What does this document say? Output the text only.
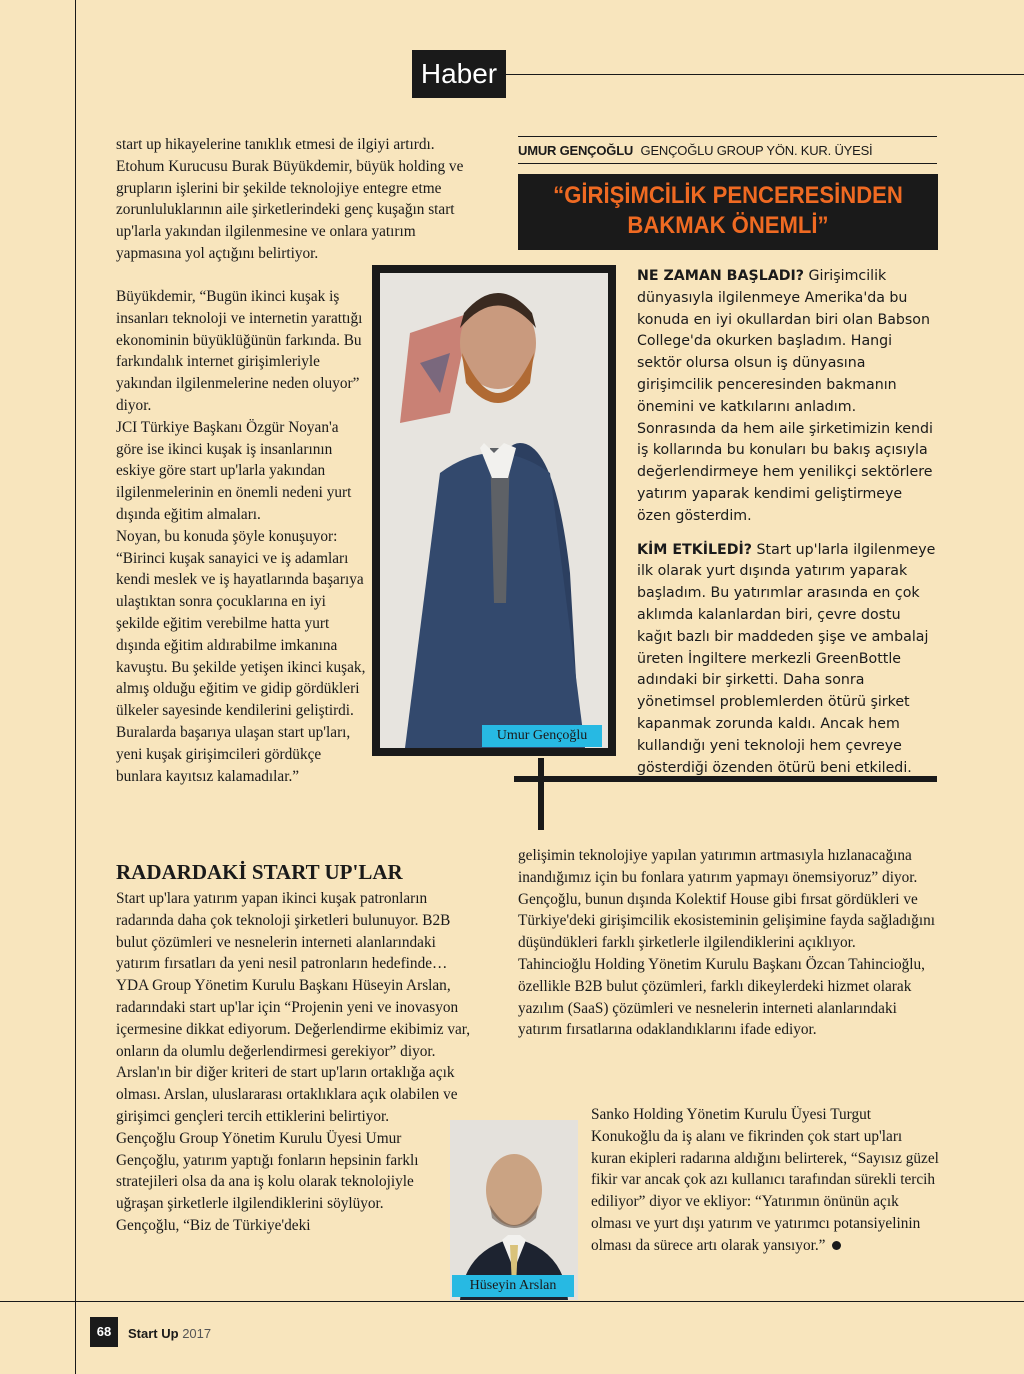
Haber

start up hikayelerine tanıklık etmesi de ilgiyi artırdı. Etohum Kurucusu Burak Büyükdemir, büyük holding ve grupların işlerini bir şekilde teknolojiye entegre etme zorunluluklarının aile şirketlerindeki genç kuşağın start up'larla yakından ilgilenmesine ve onlara yatırım yapmasına yol açtığını belirtiyor.

Büyükdemir, “Bugün ikinci kuşak iş insanları teknoloji ve internetin yarattığı ekonominin büyüklüğünün farkında. Bu farkındalık internet girişimleriyle yakından ilgilenmelerine neden oluyor” diyor.

JCI Türkiye Başkanı Özgür Noyan'a göre ise ikinci kuşak iş insanlarının eskiye göre start up'larla yakından ilgilenmelerinin en önemli nedeni yurt dışında eğitim almaları.

Noyan, bu konuda şöyle konuşuyor: “Birinci kuşak sanayici ve iş adamları kendi meslek ve iş hayatlarında başarıya ulaştıktan sonra çocuklarına en iyi şekilde eğitim verebilme hatta yurt dışında eğitim aldırabilme imkanına kavuştu. Bu şekilde yetişen ikinci kuşak, almış olduğu eğitim ve gidip gördükleri ülkeler sayesinde kendilerini geliştirdi. Buralarda başarıya ulaşan start up'ları, yeni kuşak girişimcileri gördükçe bunlara kayıtsız kalamadılar.”

RADARDAKİ START UP'LAR

Start up'lara yatırım yapan ikinci kuşak patronların radarında daha çok teknoloji şirketleri bulunuyor. B2B bulut çözümleri ve nesnelerin interneti alanlarındaki yatırım fırsatları da yeni nesil patronların hedefinde…

YDA Group Yönetim Kurulu Başkanı Hüseyin Arslan, radarındaki start up'lar için “Projenin yeni ve inovasyon içermesine dikkat ediyorum. Değerlendirme ekibimiz var, onların da olumlu değerlendirmesi gerekiyor” diyor. Arslan'ın bir diğer kriteri de start up'ların ortaklığa açık olması. Arslan, uluslararası ortaklıklara açık olabilen ve girişimci gençleri tercih ettiklerini belirtiyor.

Gençoğlu Group Yönetim Kurulu Üyesi Umur Gençoğlu, yatırım yaptığı fonların hepsinin farklı stratejileri olsa da ana iş kolu olarak teknolojiyle uğraşan şirketlerle ilgilendiklerini söylüyor. Gençoğlu, “Biz de Türkiye'deki

UMUR GENÇOĞLU GENÇOĞLU GROUP YÖN. KUR. ÜYESİ
“GİRİŞİMCİLİK PENCERESİNDEN
BAKMAK ÖNEMLİ”

NE ZAMAN BAŞLADI? Girişimcilik dünyasıyla ilgilenmeye Amerika'da bu konuda en iyi okullardan biri olan Babson College'da okurken başladım. Hangi sektör olursa olsun iş dünyasına girişimcilik penceresinden bakmanın önemini ve katkılarını anladım. Sonrasında da hem aile şirketimizin kendi iş kollarında bu konuları bu bakış açısıyla değerlendirmeye hem yenilikçi sektörlere yatırım yaparak kendimi geliştirmeye özen gösterdim.

KİM ETKİLEDİ? Start up'larla ilgilenmeye ilk olarak yurt dışında yatırım yaparak başladım. Bu yatırımlar arasında en çok aklımda kalanlardan biri, çevre dostu kağıt bazlı bir maddeden şişe ve ambalaj üreten İngiltere merkezli GreenBottle adındaki bir şirketti. Daha sonra yönetimsel problemlerden ötürü şirket kapanmak zorunda kaldı. Ancak hem kullandığı yeni teknoloji hem çevreye gösterdiği özenden ötürü beni etkiledi.

Umur Gençoğlu

gelişimin teknolojiye yapılan yatırımın artmasıyla hızlanacağına inandığımız için bu fonlara yatırım yapmayı önemsiyoruz” diyor.

Gençoğlu, bunun dışında Kolektif House gibi fırsat gördükleri ve Türkiye'deki girişimcilik ekosisteminin gelişimine fayda sağladığını düşündükleri farklı şirketlerle ilgilendiklerini açıklıyor.

Tahincioğlu Holding Yönetim Kurulu Başkanı Özcan Tahincioğlu, özellikle B2B bulut çözümleri, farklı dikeylerdeki hizmet olarak yazılım (SaaS) çözümleri ve nesnelerin interneti alanlarındaki yatırım fırsatlarına odaklandıklarını ifade ediyor.

Sanko Holding Yönetim Kurulu Üyesi Turgut Konukoğlu da iş alanı ve fikrinden çok start up'ları kuran ekipleri radarına aldığını belirterek, “Sayısız güzel fikir var ancak çok azı kullanıcı tarafından sürekli tercih ediliyor” diyor ve ekliyor: “Yatırımın önünün açık olması ve yurt dışı yatırım ve yatırımcı potansiyelinin olması da sürece artı olarak yansıyor.”

Hüseyin Arslan
68	Start Up 2017
